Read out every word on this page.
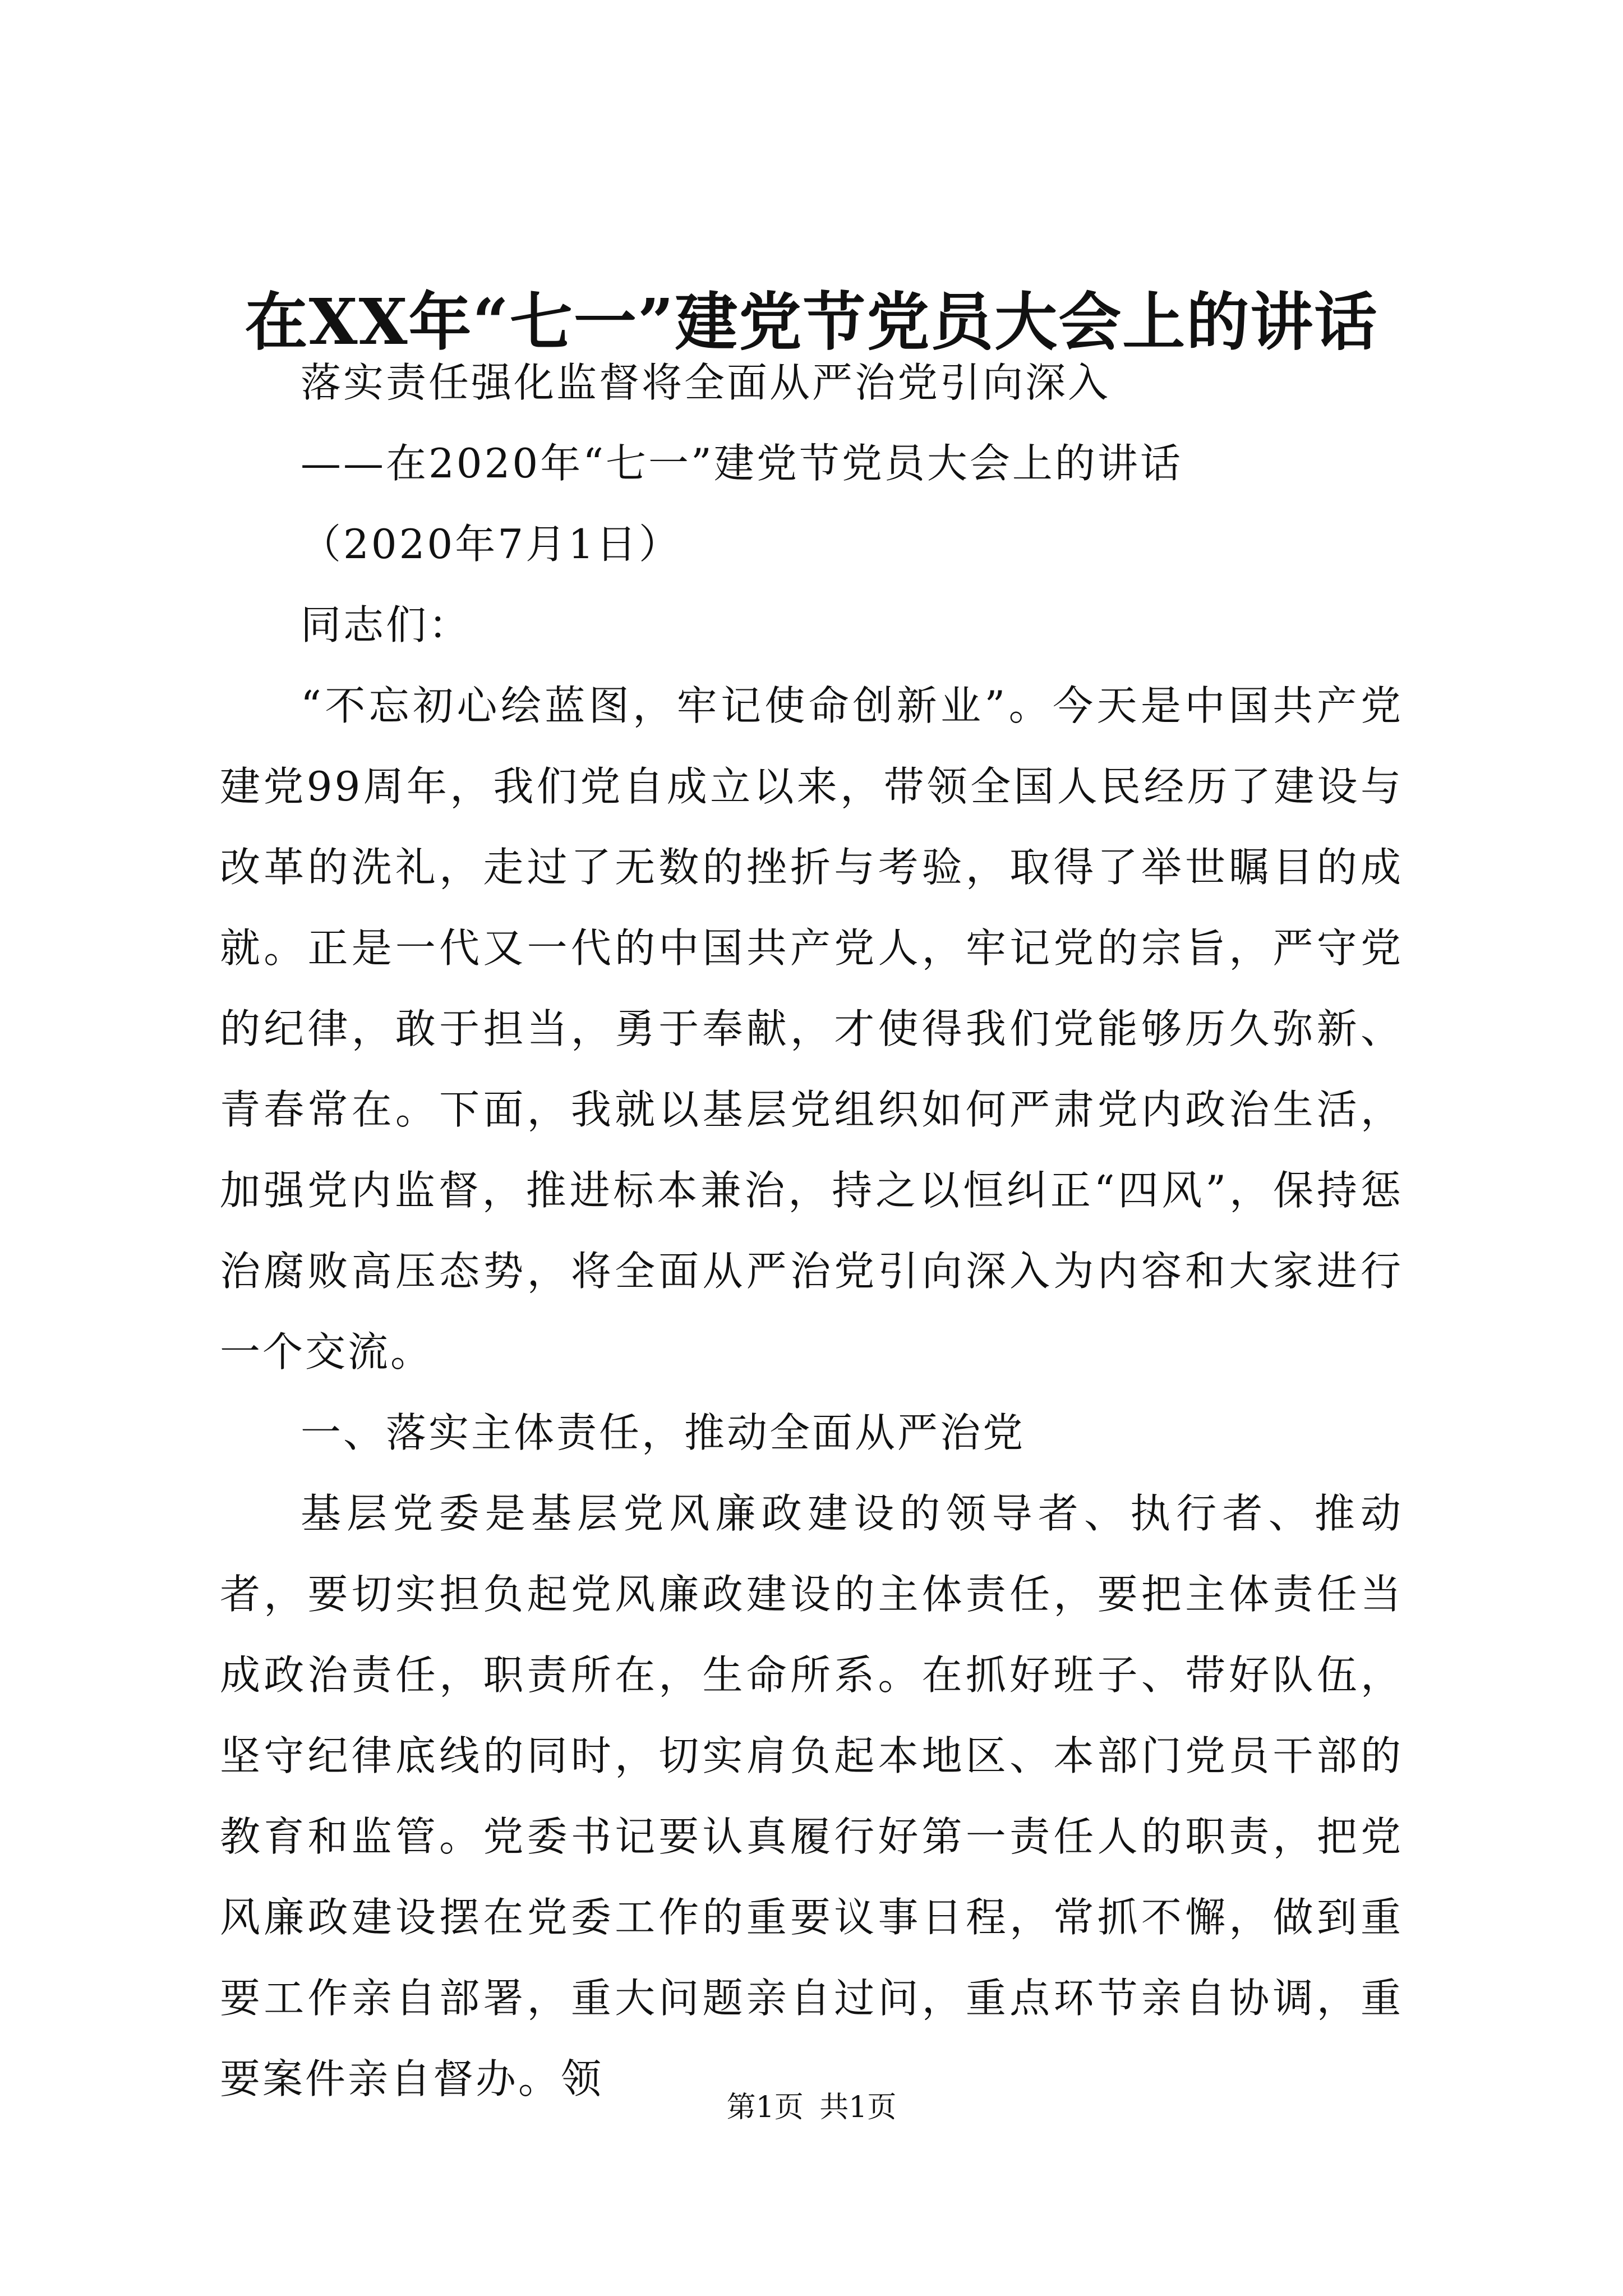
在XX年“七一”建党节党员大会上的讲话

落实责任强化监督将全面从严治党引向深入

——在2020年“七一”建党节党员大会上的讲话

（2020年7月1日）

同志们：

“不忘初心绘蓝图，牢记使命创新业”。今天是中国共产党建党99周年，我们党自成立以来，带领全国人民经历了建设与改革的洗礼，走过了无数的挫折与考验，取得了举世瞩目的成就。正是一代又一代的中国共产党人，牢记党的宗旨，严守党的纪律，敢于担当，勇于奉献，才使得我们党能够历久弥新、青春常在。下面，我就以基层党组织如何严肃党内政治生活，加强党内监督，推进标本兼治，持之以恒纠正“四风”，保持惩治腐败高压态势，将全面从严治党引向深入为内容和大家进行一个交流。

一、落实主体责任，推动全面从严治党

基层党委是基层党风廉政建设的领导者、执行者、推动者，要切实担负起党风廉政建设的主体责任，要把主体责任当成政治责任，职责所在，生命所系。在抓好班子、带好队伍，坚守纪律底线的同时，切实肩负起本地区、本部门党员干部的教育和监管。党委书记要认真履行好第一责任人的职责，把党风廉政建设摆在党委工作的重要议事日程，常抓不懈，做到重要工作亲自部署，重大问题亲自过问，重点环节亲自协调，重要案件亲自督办。领

第1页 共1页
